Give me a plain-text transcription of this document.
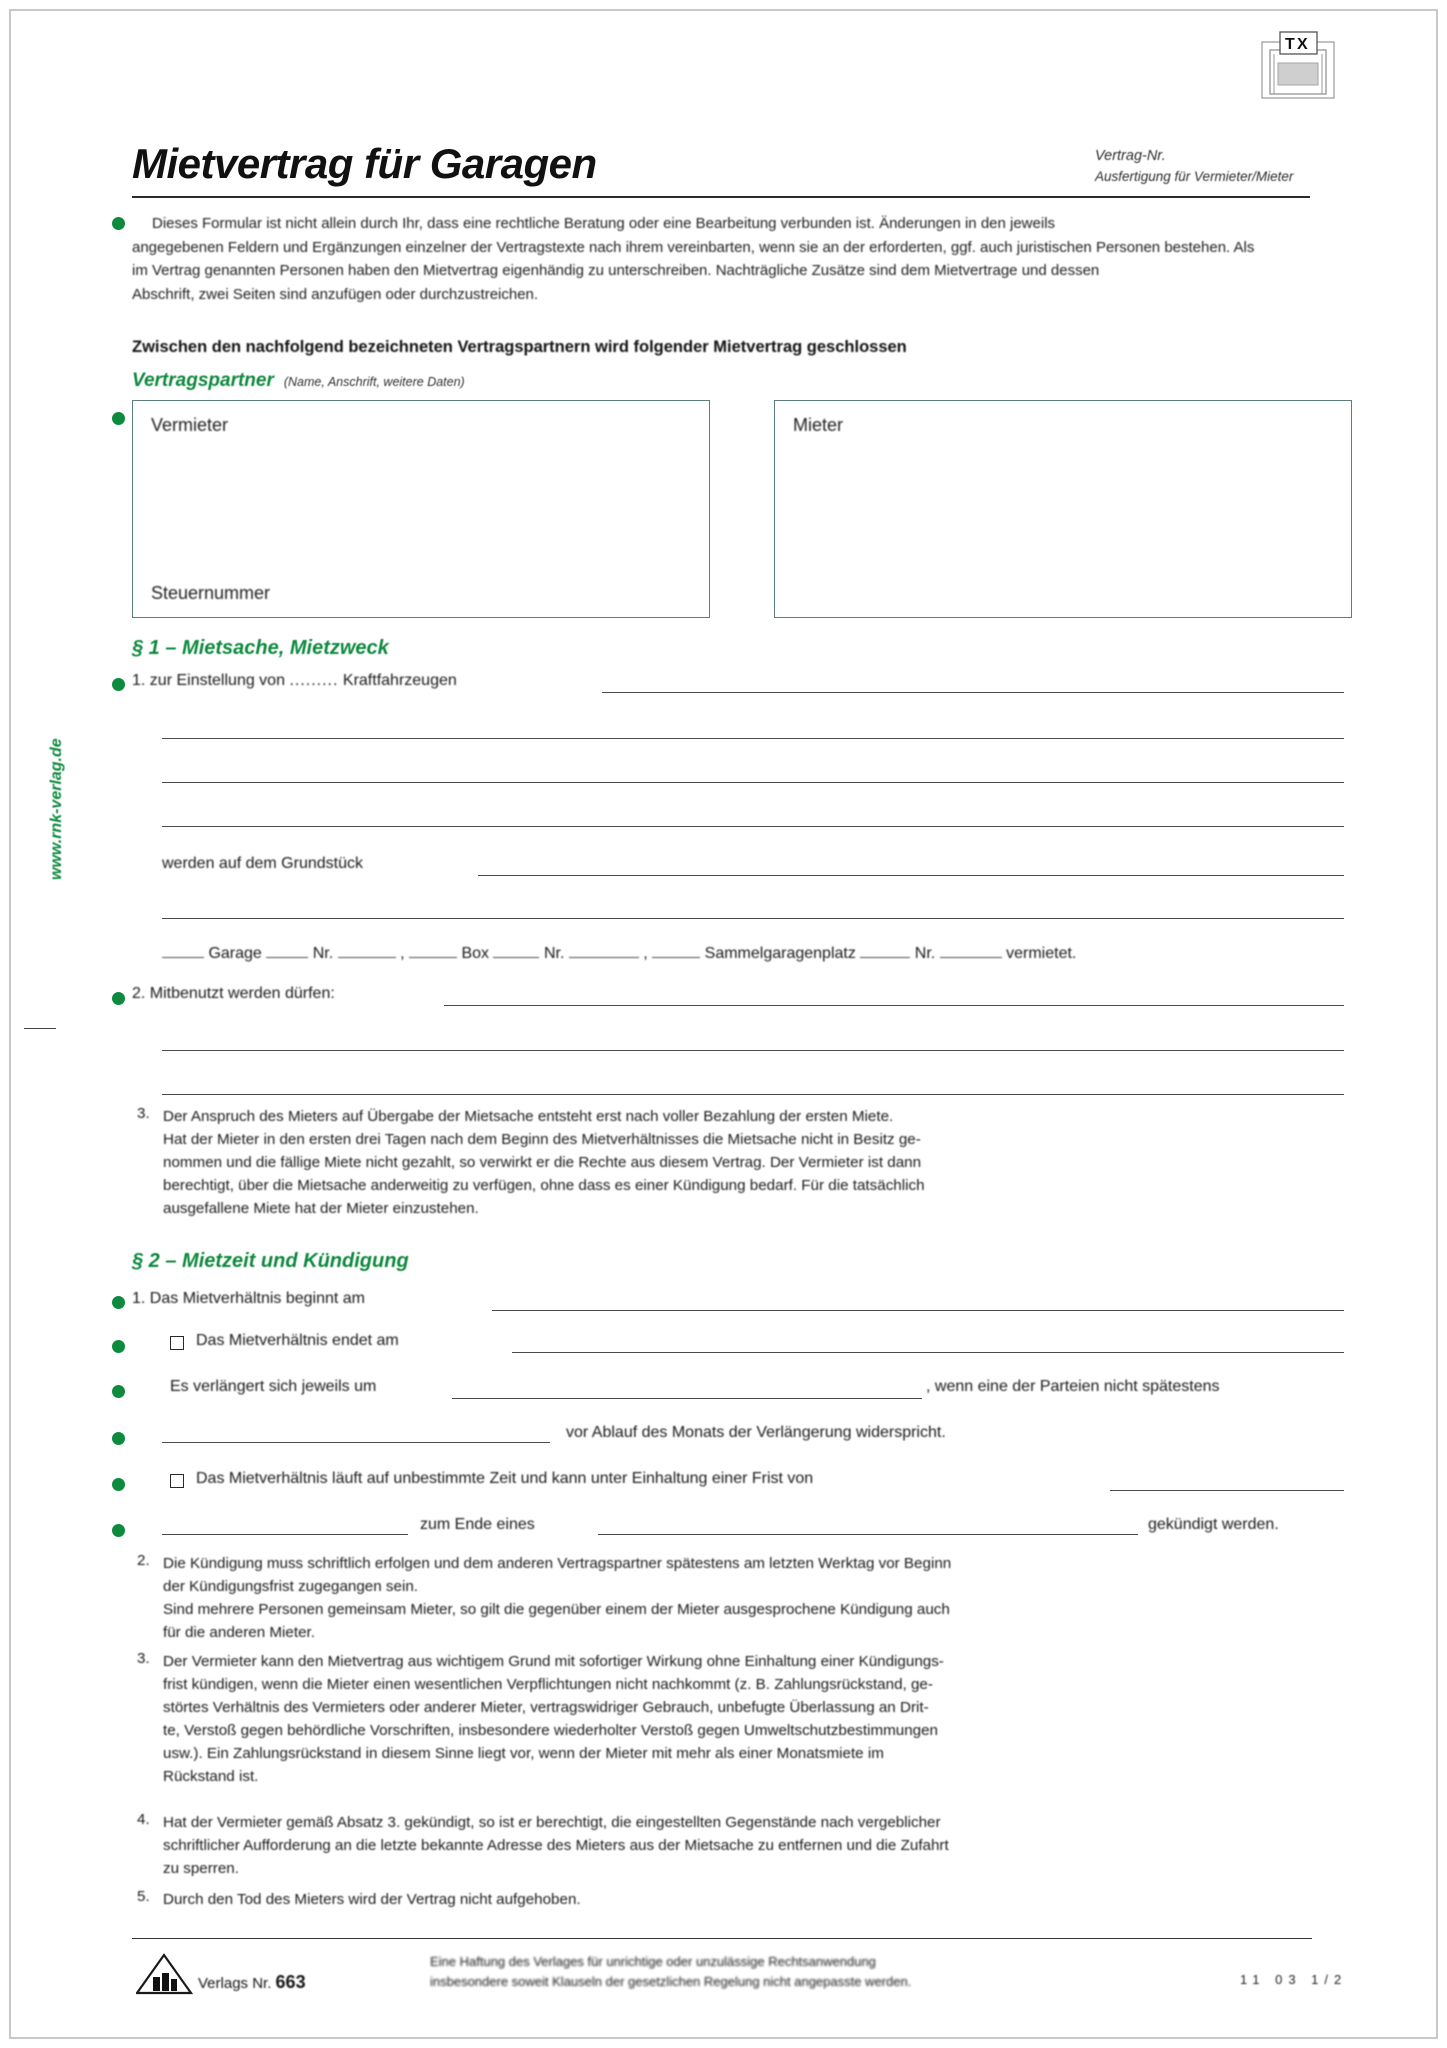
T X
Mietvertrag für Garagen	Vertrag-Nr.
Ausfertigung für Vermieter/Mieter
Dieses Formular ist nicht allein durch Ihr, dass eine rechtliche Beratung oder eine Bearbeitung verbunden ist. Änderungen in den jeweils
angegebenen Feldern und Ergänzungen einzelner der Vertragstexte nach ihrem vereinbarten, wenn sie an der erforderten, ggf. auch juristischen Personen bestehen. Als
im Vertrag genannten Personen haben den Mietvertrag eigenhändig zu unterschreiben. Nachträgliche Zusätze sind dem Mietvertrage und dessen
Abschrift, zwei Seiten sind anzufügen oder durchzustreichen.
Zwischen den nachfolgend bezeichneten Vertragspartnern wird folgender Mietvertrag geschlossen
Vertragspartner (Name, Anschrift, weitere Daten)
Vermieter
Steuernummer
Mieter
§ 1 – Mietsache, Mietzweck
1. zur Einstellung von ......... Kraftfahrzeugen
werden auf dem Grundstück
Garage	Nr.	,	Box	Nr.	,	Sammelgaragenplatz	Nr.	vermietet.
2. Mitbenutzt werden dürfen:
3. Der Anspruch des Mieters auf Übergabe der Mietsache entsteht erst nach voller Bezahlung der ersten Miete.
Hat der Mieter in den ersten drei Tagen nach dem Beginn des Mietverhältnisses die Mietsache nicht in Besitz ge-
nommen und die fällige Miete nicht gezahlt, so verwirkt er die Rechte aus diesem Vertrag. Der Vermieter ist dann
berechtigt, über die Mietsache anderweitig zu verfügen, ohne dass es einer Kündigung bedarf. Für die tatsächlich
ausgefallene Miete hat der Mieter einzustehen.
§ 2 – Mietzeit und Kündigung
1. Das Mietverhältnis beginnt am
Das Mietverhältnis endet am
Es verlängert sich jeweils um	, wenn eine der Parteien nicht spätestens
vor Ablauf des Monats der Verlängerung widerspricht.
Das Mietverhältnis läuft auf unbestimmte Zeit und kann unter Einhaltung einer Frist von
zum Ende eines	gekündigt werden.
2. Die Kündigung muss schriftlich erfolgen und dem anderen Vertragspartner spätestens am letzten Werktag vor Beginn
der Kündigungsfrist zugegangen sein.
Sind mehrere Personen gemeinsam Mieter, so gilt die gegenüber einem der Mieter ausgesprochene Kündigung auch
für die anderen Mieter.
3. Der Vermieter kann den Mietvertrag aus wichtigem Grund mit sofortiger Wirkung ohne Einhaltung einer Kündigungs-
frist kündigen, wenn die Mieter einen wesentlichen Verpflichtungen nicht nachkommt (z. B. Zahlungsrückstand, ge-
störtes Verhältnis des Vermieters oder anderer Mieter, vertragswidriger Gebrauch, unbefugte Überlassung an Drit-
te, Verstoß gegen behördliche Vorschriften, insbesondere wiederholter Verstoß gegen Umweltschutzbestimmungen
usw.). Ein Zahlungsrückstand in diesem Sinne liegt vor, wenn der Mieter mit mehr als einer Monatsmiete im
Rückstand ist.
4. Hat der Vermieter gemäß Absatz 3. gekündigt, so ist er berechtigt, die eingestellten Gegenstände nach vergeblicher
schriftlicher Aufforderung an die letzte bekannte Adresse des Mieters aus der Mietsache zu entfernen und die Zufahrt
zu sperren.
5. Durch den Tod des Mieters wird der Vertrag nicht aufgehoben.
www.rnk-verlag.de
Verlags Nr. 663
Eine Haftung des Verlages für unrichtige oder unzulässige Rechtsanwendung
insbesondere soweit Klauseln der gesetzlichen Regelung nicht angepasste werden.	11 03 1/2
